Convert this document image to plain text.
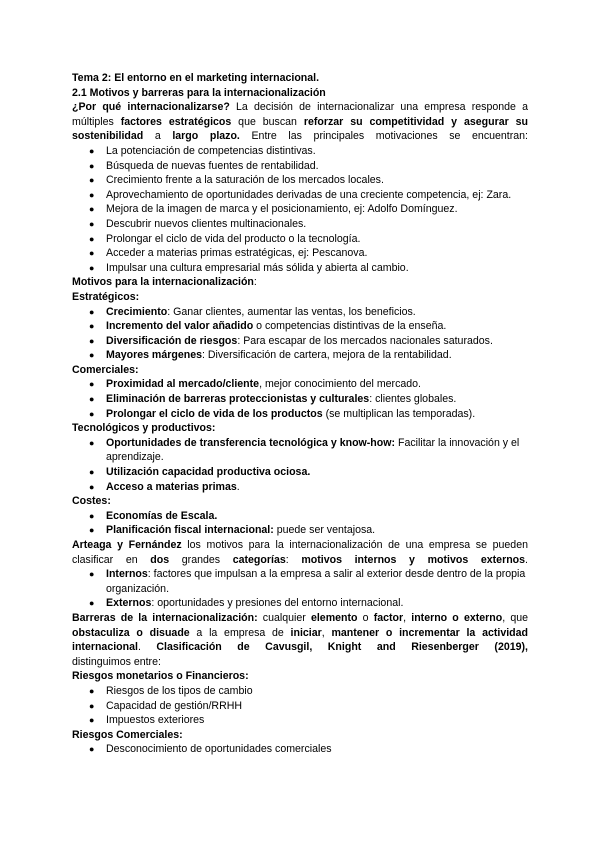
Tema 2: El entorno en el marketing internacional.
2.1 Motivos y barreras para la internacionalización
¿Por qué internacionalizarse? La decisión de internacionalizar una empresa responde a múltiples factores estratégicos que buscan reforzar su competitividad y asegurar su sostenibilidad a largo plazo. Entre las principales motivaciones se encuentran:
● La potenciación de competencias distintivas.
● Búsqueda de nuevas fuentes de rentabilidad.
● Crecimiento frente a la saturación de los mercados locales.
● Aprovechamiento de oportunidades derivadas de una creciente competencia, ej: Zara.
● Mejora de la imagen de marca y el posicionamiento, ej: Adolfo Domínguez.
● Descubrir nuevos clientes multinacionales.
● Prolongar el ciclo de vida del producto o la tecnología.
● Acceder a materias primas estratégicas, ej: Pescanova.
● Impulsar una cultura empresarial más sólida y abierta al cambio.
Motivos para la internacionalización:
Estratégicos:
● Crecimiento: Ganar clientes, aumentar las ventas, los beneficios.
● Incremento del valor añadido o competencias distintivas de la enseña.
● Diversificación de riesgos: Para escapar de los mercados nacionales saturados.
● Mayores márgenes: Diversificación de cartera, mejora de la rentabilidad.
Comerciales:
● Proximidad al mercado/cliente, mejor conocimiento del mercado.
● Eliminación de barreras proteccionistas y culturales: clientes globales.
● Prolongar el ciclo de vida de los productos (se multiplican las temporadas).
Tecnológicos y productivos:
● Oportunidades de transferencia tecnológica y know-how: Facilitar la innovación y el aprendizaje.
● Utilización capacidad productiva ociosa.
● Acceso a materias primas.
Costes:
● Economías de Escala.
● Planificación fiscal internacional: puede ser ventajosa.
Arteaga y Fernández los motivos para la internacionalización de una empresa se pueden clasificar en dos grandes categorías: motivos internos y motivos externos.
● Internos: factores que impulsan a la empresa a salir al exterior desde dentro de la propia organización.
● Externos: oportunidades y presiones del entorno internacional.
Barreras de la internacionalización: cualquier elemento o factor, interno o externo, que obstaculiza o disuade a la empresa de iniciar, mantener o incrementar la actividad internacional. Clasificación de Cavusgil, Knight and Riesenberger (2019),
distinguimos entre:
Riesgos monetarios o Financieros:
● Riesgos de los tipos de cambio
● Capacidad de gestión/RRHH
● Impuestos exteriores
Riesgos Comerciales:
● Desconocimiento de oportunidades comerciales
